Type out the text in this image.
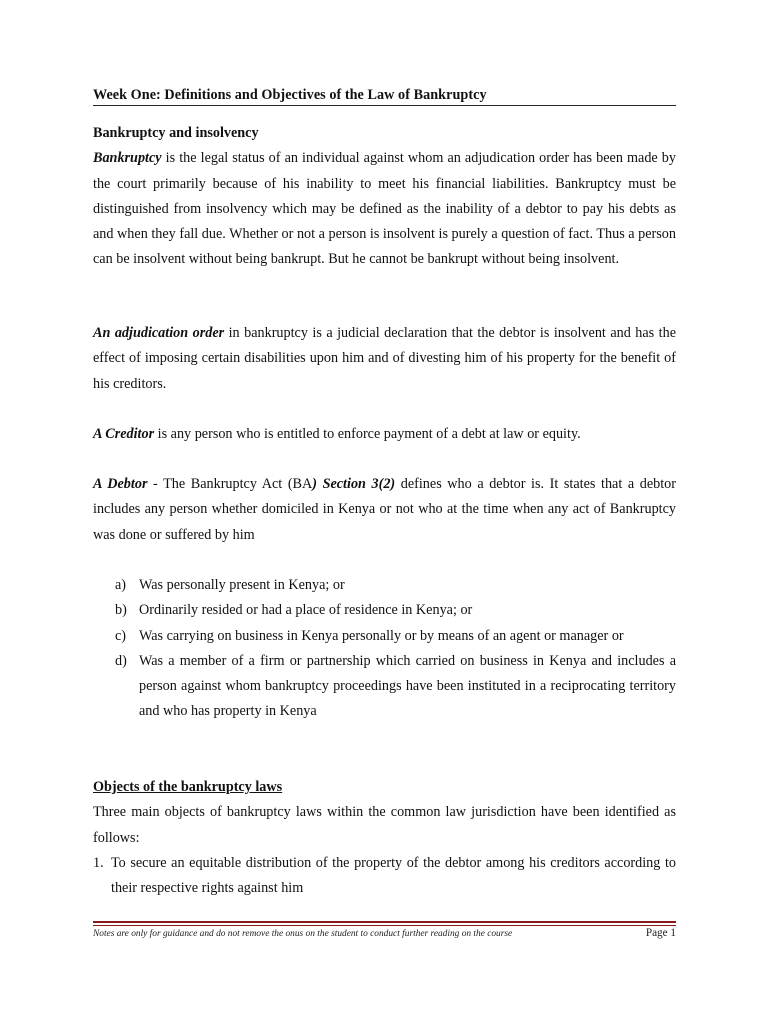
Week One: Definitions and Objectives of the Law of Bankruptcy

Bankruptcy and insolvency

Bankruptcy is the legal status of an individual against whom an adjudication order has been made by the court primarily because of his inability to meet his financial liabilities. Bankruptcy must be distinguished from insolvency which may be defined as the inability of a debtor to pay his debts as and when they fall due. Whether or not a person is insolvent is purely a question of fact. Thus a person can be insolvent without being bankrupt. But he cannot be bankrupt without being insolvent.

An adjudication order in bankruptcy is a judicial declaration that the debtor is insolvent and has the effect of imposing certain disabilities upon him and of divesting him of his property for the benefit of his creditors.

A Creditor is any person who is entitled to enforce payment of a debt at law or equity.

A Debtor - The Bankruptcy Act (BA) Section 3(2) defines who a debtor is. It states that a debtor includes any person whether domiciled in Kenya or not who at the time when any act of Bankruptcy was done or suffered by him

a) Was personally present in Kenya; or
b) Ordinarily resided or had a place of residence in Kenya; or
c) Was carrying on business in Kenya personally or by means of an agent or manager or
d) Was a member of a firm or partnership which carried on business in Kenya and includes a person against whom bankruptcy proceedings have been instituted in a reciprocating territory and who has property in Kenya

Objects of the bankruptcy laws

Three main objects of bankruptcy laws within the common law jurisdiction have been identified as follows:

1. To secure an equitable distribution of the property of the debtor among his creditors according to their respective rights against him
Notes are only for guidance and do not remove the onus on the student to conduct further reading on the course	Page 1
